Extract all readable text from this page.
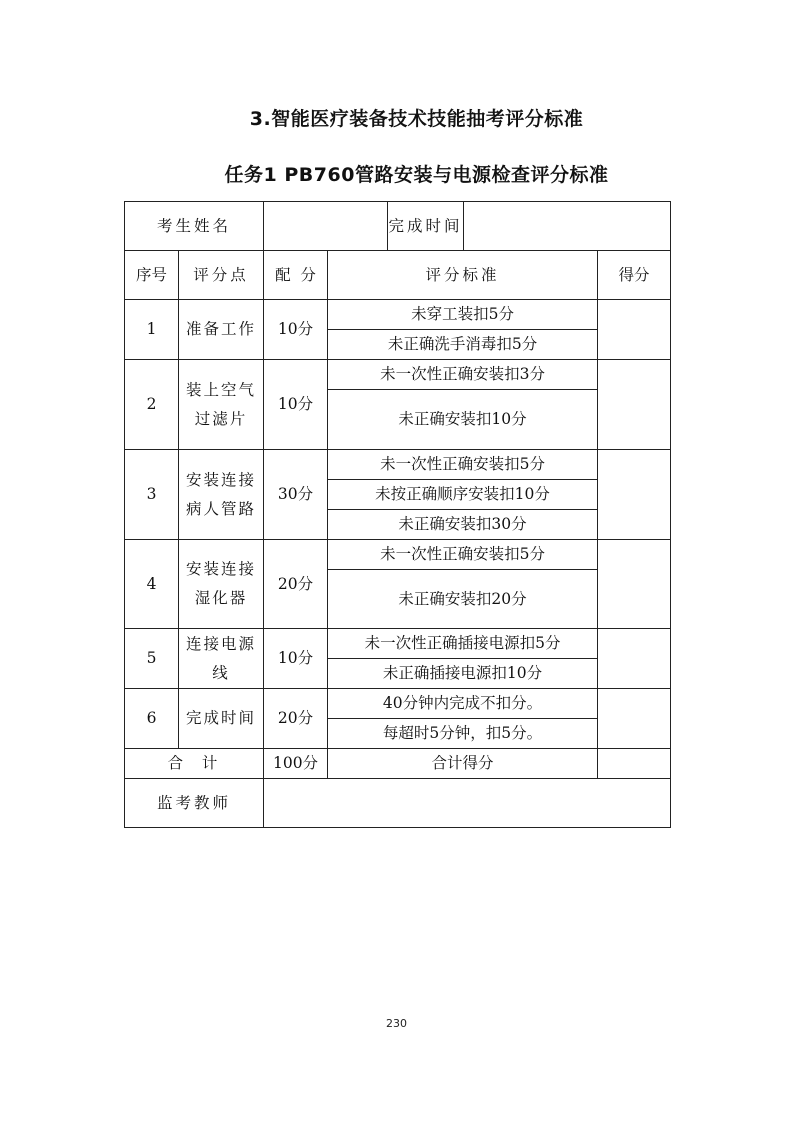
3.智能医疗装备技术技能抽考评分标准
任务1 PB760管路安装与电源检查评分标准
考生姓名				完成时间		
序号	评分点	配  分	评分标准			得分
1	准备工作	10分	未穿工装扣5分			
			未正确洗手消毒扣5分			
2	装上空气过滤片	10分	未一次性正确安装扣3分			
			未正确安装扣10分			
3	安装连接病人管路	30分	未一次性正确安装扣5分			
			未按正确顺序安装扣10分			
			未正确安装扣30分			
4	安装连接湿化器	20分	未一次性正确安装扣5分			
			未正确安装扣20分			
5	连接电源线	10分	未一次性正确插接电源扣5分			
			未正确插接电源扣10分			
6	完成时间	20分	40分钟内完成不扣分。			
			每超时5分钟，扣5分。			
合  计		100分	合计得分			
监考教师						
230
